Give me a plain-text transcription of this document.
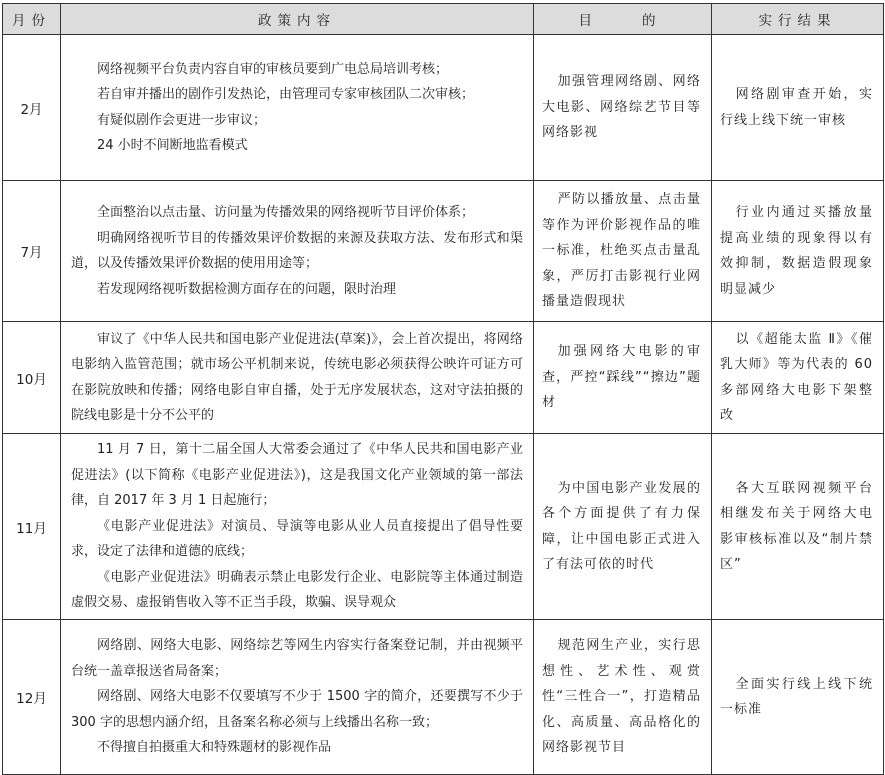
月份	政策内容	目的	实行结果
2月	网络视频平台负责内容自审的审核员要到广电总局培训考核；

若自审并播出的剧作引发热论，由管理司专家审核团队二次审核；

有疑似剧作会更进一步审议；

24 小时不间断地监看模式	加强管理网络剧、网络大电影、网络综艺节目等网络影视	网络剧审查开始，实行线上线下统一审核

7月	全面整治以点击量、访问量为传播效果的网络视听节目评价体系；

明确网络视听节目的传播效果评价数据的来源及获取方法、发布形式和渠道，以及传播效果评价数据的使用用途等；

若发现网络视听数据检测方面存在的问题，限时治理	严防以播放量、点击量等作为评价影视作品的唯一标准，杜绝买点击量乱象，严厉打击影视行业网播量造假现状	行业内通过买播放量提高业绩的现象得以有效抑制，数据造假现象明显减少

10月	审议了《中华人民共和国电影产业促进法(草案)》，会上首次提出，将网络电影纳入监管范围；就市场公平机制来说，传统电影必须获得公映许可证方可在影院放映和传播；网络电影自审自播，处于无序发展状态，这对守法拍摄的院线电影是十分不公平的	加强网络大电影的审查，严控“踩线”“擦边”题材	以《超能太监 Ⅱ》《催乳大师》等为代表的 60 多部网络大电影下架整改

11月	11 月 7 日，第十二届全国人大常委会通过了《中华人民共和国电影产业促进法》(以下简称《电影产业促进法》)，这是我国文化产业领域的第一部法律，自 2017 年 3 月 1 日起施行；

《电影产业促进法》对演员、导演等电影从业人员直接提出了倡导性要求，设定了法律和道德的底线；

《电影产业促进法》明确表示禁止电影发行企业、电影院等主体通过制造虚假交易、虚报销售收入等不正当手段，欺骗、误导观众	为中国电影产业发展的各个方面提供了有力保障，让中国电影正式进入了有法可依的时代	各大互联网视频平台相继发布关于网络大电影审核标准以及“制片禁区”

12月	网络剧、网络大电影、网络综艺等网生内容实行备案登记制，并由视频平台统一盖章报送省局备案；

网络剧、网络大电影不仅要填写不少于 1500 字的简介，还要撰写不少于 300 字的思想内涵介绍，且备案名称必须与上线播出名称一致；

不得擅自拍摄重大和特殊题材的影视作品	规范网生产业，实行思想性、艺术性、观赏性“三性合一”，打造精品化、高质量、高品格化的网络影视节目	全面实行线上线下统一标准
